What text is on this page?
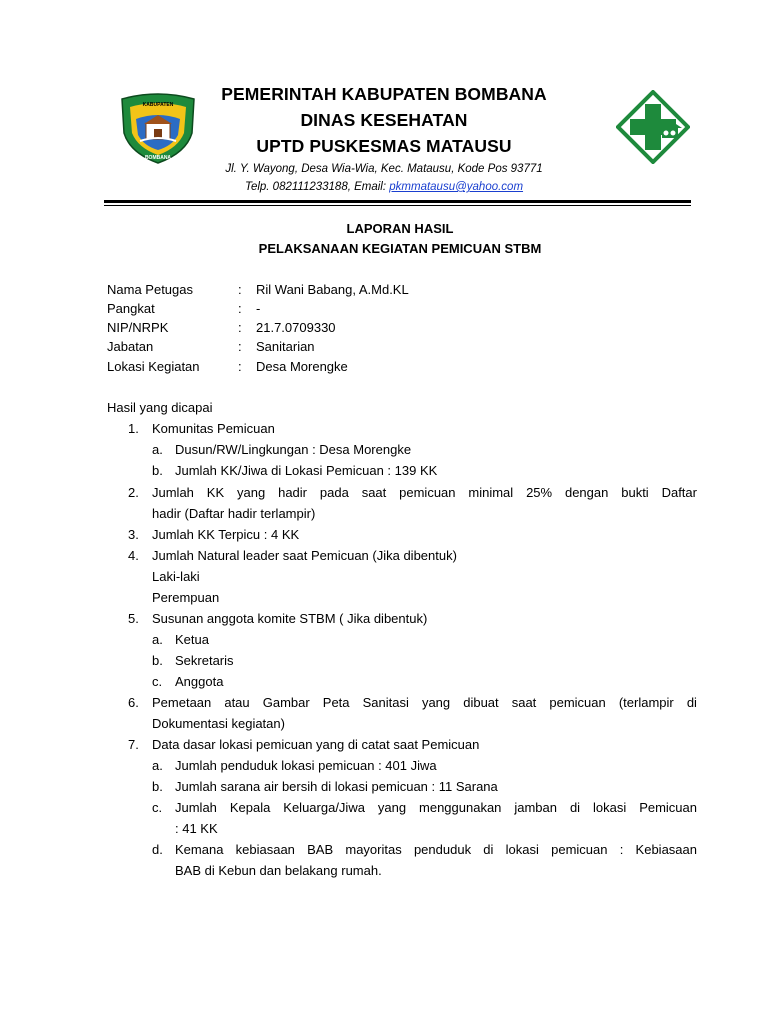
KABUPATEN
BOMBANA
PEMERINTAH KABUPATEN BOMBANA
DINAS KESEHATAN
UPTD PUSKESMAS MATAUSU
Jl. Y. Wayong, Desa Wia-Wia, Kec. Matausu, Kode Pos 93771
Telp. 082111233188, Email: pkmmatausu@yahoo.com
LAPORAN HASIL
PELAKSANAAN KEGIATAN PEMICUAN STBM
Nama Petugas	: Ril Wani Babang, A.Md.KL
Pangkat	: -
NIP/NRPK	: 21.7.0709330
Jabatan	: Sanitarian
Lokasi Kegiatan	: Desa Morengke
Hasil yang dicapai
1. Komunitas Pemicuan
a. Dusun/RW/Lingkungan : Desa Morengke
b. Jumlah KK/Jiwa di Lokasi Pemicuan : 139 KK
2. Jumlah KK yang hadir pada saat pemicuan minimal 25% dengan bukti Daftar
hadir (Daftar hadir terlampir)
3. Jumlah KK Terpicu : 4 KK
4. Jumlah Natural leader saat Pemicuan (Jika dibentuk)
Laki-laki
Perempuan
5. Susunan anggota komite STBM ( Jika dibentuk)
a. Ketua
b. Sekretaris
c. Anggota
6. Pemetaan atau Gambar Peta Sanitasi yang dibuat saat pemicuan (terlampir di
Dokumentasi kegiatan)
7. Data dasar lokasi pemicuan yang di catat saat Pemicuan
a. Jumlah penduduk lokasi pemicuan : 401 Jiwa
b. Jumlah sarana air bersih di lokasi pemicuan : 11 Sarana
c. Jumlah Kepala Keluarga/Jiwa yang menggunakan jamban di lokasi Pemicuan
: 41 KK
d. Kemana kebiasaan BAB mayoritas penduduk di lokasi pemicuan : Kebiasaan
BAB di Kebun dan belakang rumah.
